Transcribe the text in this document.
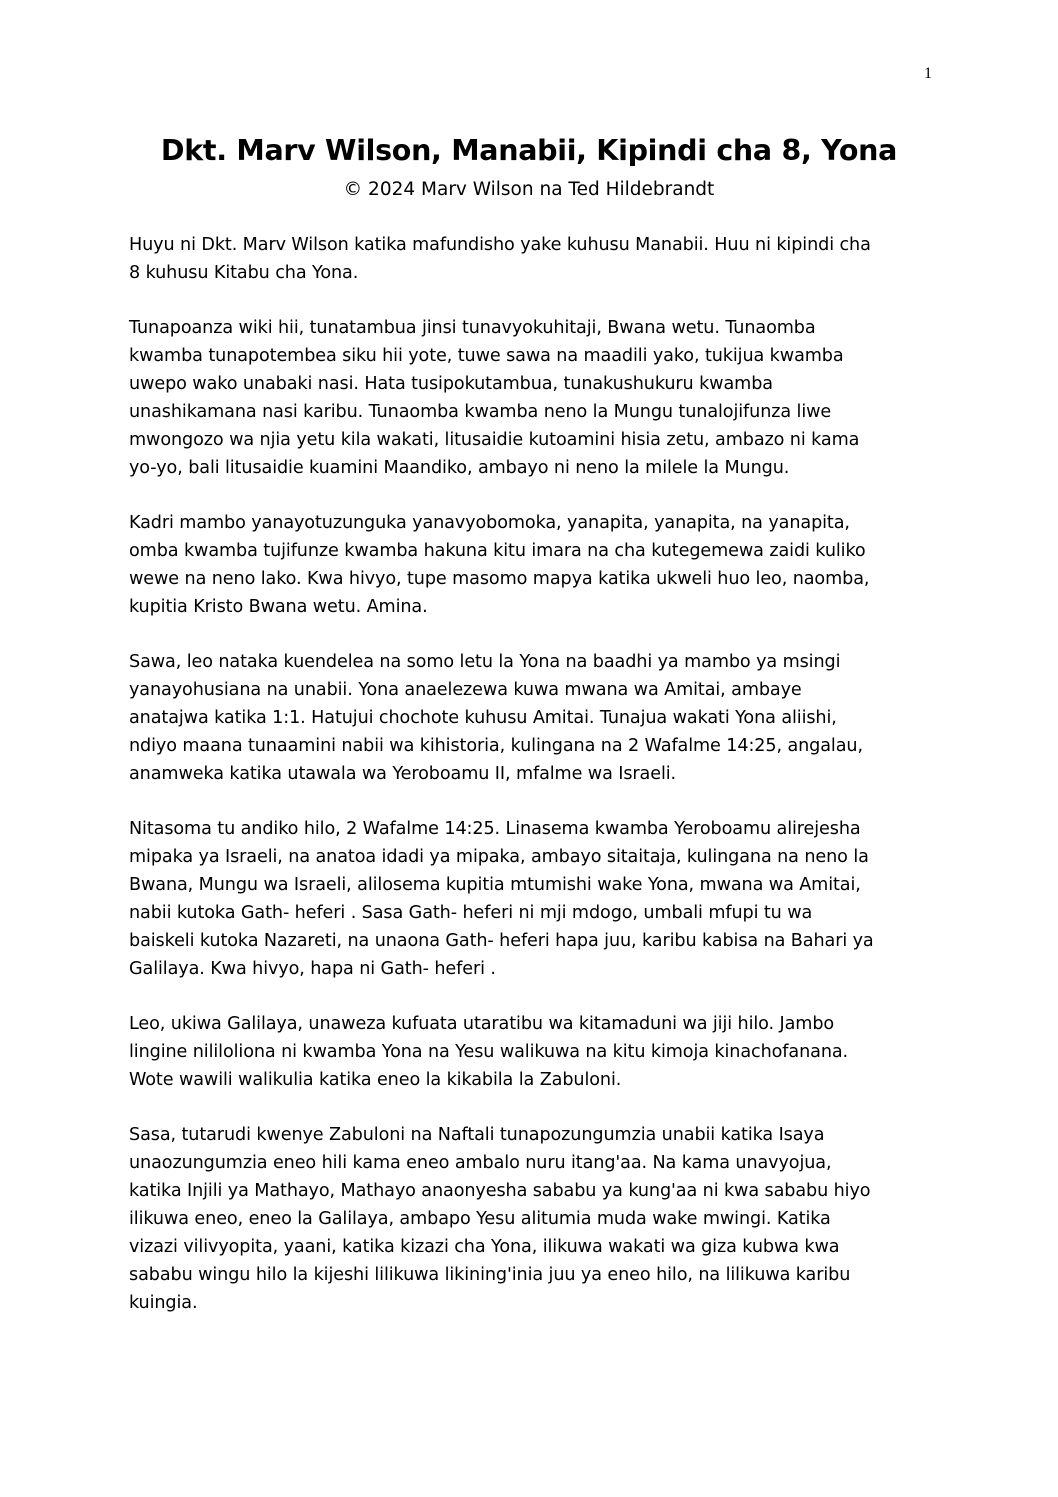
1
Dkt. Marv Wilson, Manabii, Kipindi cha 8, Yona
© 2024 Marv Wilson na Ted Hildebrandt

Huyu ni Dkt. Marv Wilson katika mafundisho yake kuhusu Manabii. Huu ni kipindi cha
8 kuhusu Kitabu cha Yona.

Tunapoanza wiki hii, tunatambua jinsi tunavyokuhitaji, Bwana wetu. Tunaomba
kwamba tunapotembea siku hii yote, tuwe sawa na maadili yako, tukijua kwamba
uwepo wako unabaki nasi. Hata tusipokutambua, tunakushukuru kwamba
unashikamana nasi karibu. Tunaomba kwamba neno la Mungu tunalojifunza liwe
mwongozo wa njia yetu kila wakati, litusaidie kutoamini hisia zetu, ambazo ni kama
yo-yo, bali litusaidie kuamini Maandiko, ambayo ni neno la milele la Mungu.

Kadri mambo yanayotuzunguka yanavyobomoka, yanapita, yanapita, na yanapita,
omba kwamba tujifunze kwamba hakuna kitu imara na cha kutegemewa zaidi kuliko
wewe na neno lako. Kwa hivyo, tupe masomo mapya katika ukweli huo leo, naomba,
kupitia Kristo Bwana wetu. Amina.

Sawa, leo nataka kuendelea na somo letu la Yona na baadhi ya mambo ya msingi
yanayohusiana na unabii. Yona anaelezewa kuwa mwana wa Amitai, ambaye
anatajwa katika 1:1. Hatujui chochote kuhusu Amitai. Tunajua wakati Yona aliishi,
ndiyo maana tunaamini nabii wa kihistoria, kulingana na 2 Wafalme 14:25, angalau,
anamweka katika utawala wa Yeroboamu II, mfalme wa Israeli.

Nitasoma tu andiko hilo, 2 Wafalme 14:25. Linasema kwamba Yeroboamu alirejesha
mipaka ya Israeli, na anatoa idadi ya mipaka, ambayo sitaitaja, kulingana na neno la
Bwana, Mungu wa Israeli, alilosema kupitia mtumishi wake Yona, mwana wa Amitai,
nabii kutoka Gath- heferi . Sasa Gath- heferi ni mji mdogo, umbali mfupi tu wa
baiskeli kutoka Nazareti, na unaona Gath- heferi hapa juu, karibu kabisa na Bahari ya
Galilaya. Kwa hivyo, hapa ni Gath- heferi .

Leo, ukiwa Galilaya, unaweza kufuata utaratibu wa kitamaduni wa jiji hilo. Jambo
lingine nililoliona ni kwamba Yona na Yesu walikuwa na kitu kimoja kinachofanana.
Wote wawili walikulia katika eneo la kikabila la Zabuloni.

Sasa, tutarudi kwenye Zabuloni na Naftali tunapozungumzia unabii katika Isaya
unaozungumzia eneo hili kama eneo ambalo nuru itang'aa. Na kama unavyojua,
katika Injili ya Mathayo, Mathayo anaonyesha sababu ya kung'aa ni kwa sababu hiyo
ilikuwa eneo, eneo la Galilaya, ambapo Yesu alitumia muda wake mwingi. Katika
vizazi vilivyopita, yaani, katika kizazi cha Yona, ilikuwa wakati wa giza kubwa kwa
sababu wingu hilo la kijeshi lilikuwa likining'inia juu ya eneo hilo, na lilikuwa karibu
kuingia.
